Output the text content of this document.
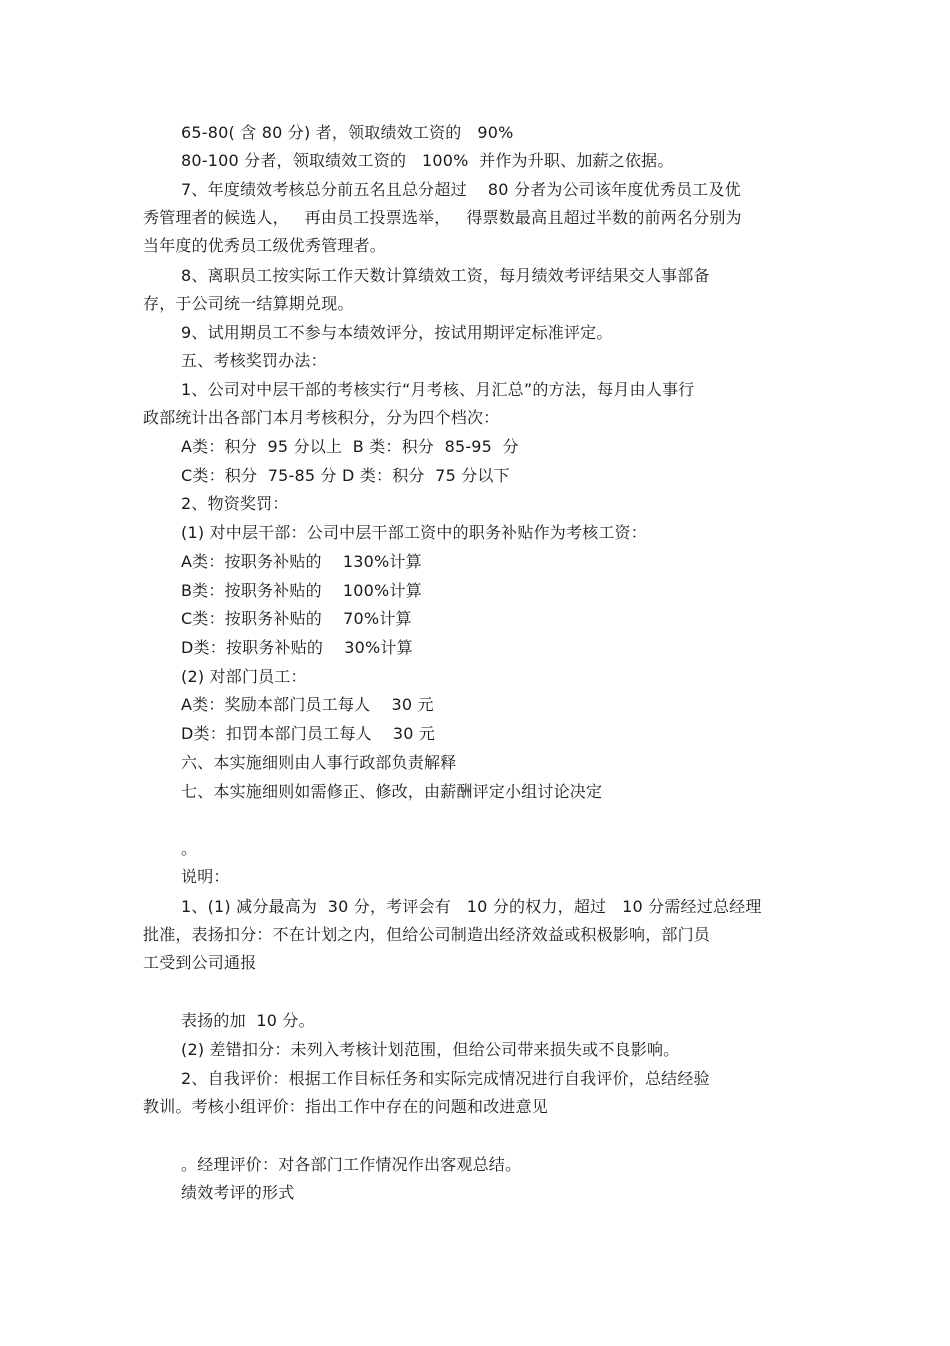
65-80( 含 80 分) 者，领取绩效工资的   90%
80-100 分者，领取绩效工资的   100%  并作为升职、加薪之依据。
7、年度绩效考核总分前五名且总分超过    80 分者为公司该年度优秀员工及优
秀管理者的候选人，   再由员工投票选举，   得票数最高且超过半数的前两名分别为
当年度的优秀员工级优秀管理者。
8、离职员工按实际工作天数计算绩效工资，每月绩效考评结果交人事部备
存，于公司统一结算期兑现。
9、试用期员工不参与本绩效评分，按试用期评定标准评定。
五、考核奖罚办法：
1、公司对中层干部的考核实行“月考核、月汇总”的方法，每月由人事行
政部统计出各部门本月考核积分，分为四个档次：
A类：积分  95 分以上  B 类：积分  85-95  分
C类：积分  75-85 分 D 类：积分  75 分以下
2、物资奖罚：
(1) 对中层干部：公司中层干部工资中的职务补贴作为考核工资：
A类：按职务补贴的    130%计算
B类：按职务补贴的    100%计算
C类：按职务补贴的    70%计算
D类：按职务补贴的    30%计算
(2) 对部门员工：
A类：奖励本部门员工每人    30 元
D类：扣罚本部门员工每人    30 元
六、本实施细则由人事行政部负责解释
七、本实施细则如需修正、修改，由薪酬评定小组讨论决定
。
说明：
1、(1) 减分最高为  30 分，考评会有   10 分的权力，超过   10 分需经过总经理
批准，表扬扣分：不在计划之内，但给公司制造出经济效益或积极影响，部门员
工受到公司通报
表扬的加  10 分。
(2) 差错扣分：未列入考核计划范围，但给公司带来损失或不良影响。
2、自我评价：根据工作目标任务和实际完成情况进行自我评价，总结经验
教训。考核小组评价：指出工作中存在的问题和改进意见
。经理评价：对各部门工作情况作出客观总结。
绩效考评的形式
